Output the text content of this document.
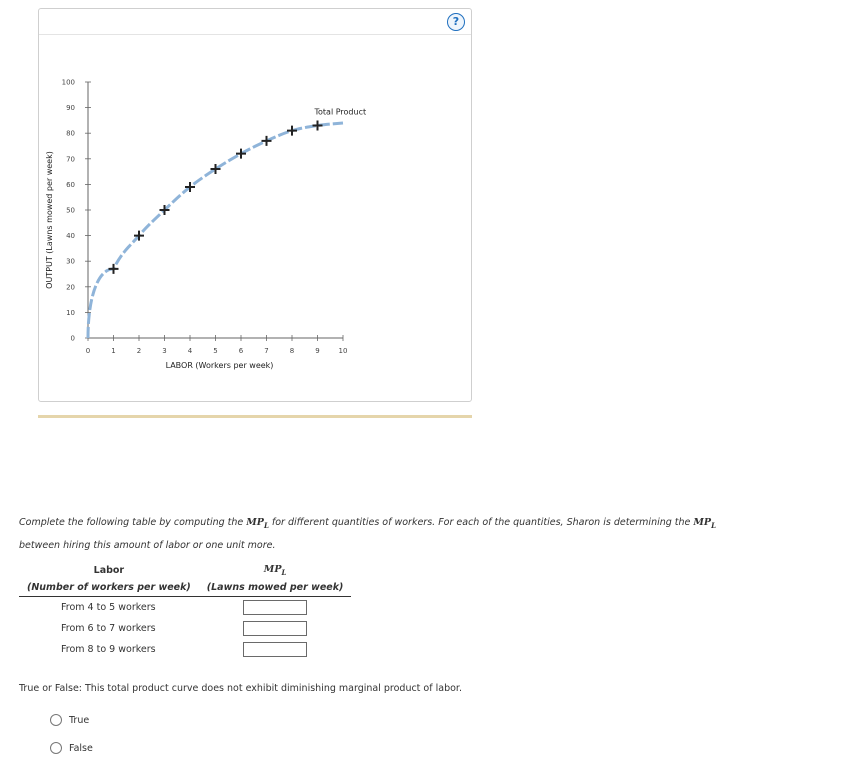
?
0	1	2	3	4	5	6	7	8	9	10
0
10
20
30
40
50
60
70
80
90
100
LABOR (Workers per week)
OUTPUT (Lawns mowed per week)
Total Product
Complete the following table by computing the $MP_L$ for different quantities of workers. For each of the quantities, Sharon is determining the $MP_L$ between hiring this amount of labor or one unit more.
Labor	$MP_L$
(Number of workers per week)	(Lawns mowed per week)
From 4 to 5 workers	
From 6 to 7 workers	
From 8 to 9 workers	
True or False: This total product curve does not exhibit diminishing marginal product of labor.
True
False
